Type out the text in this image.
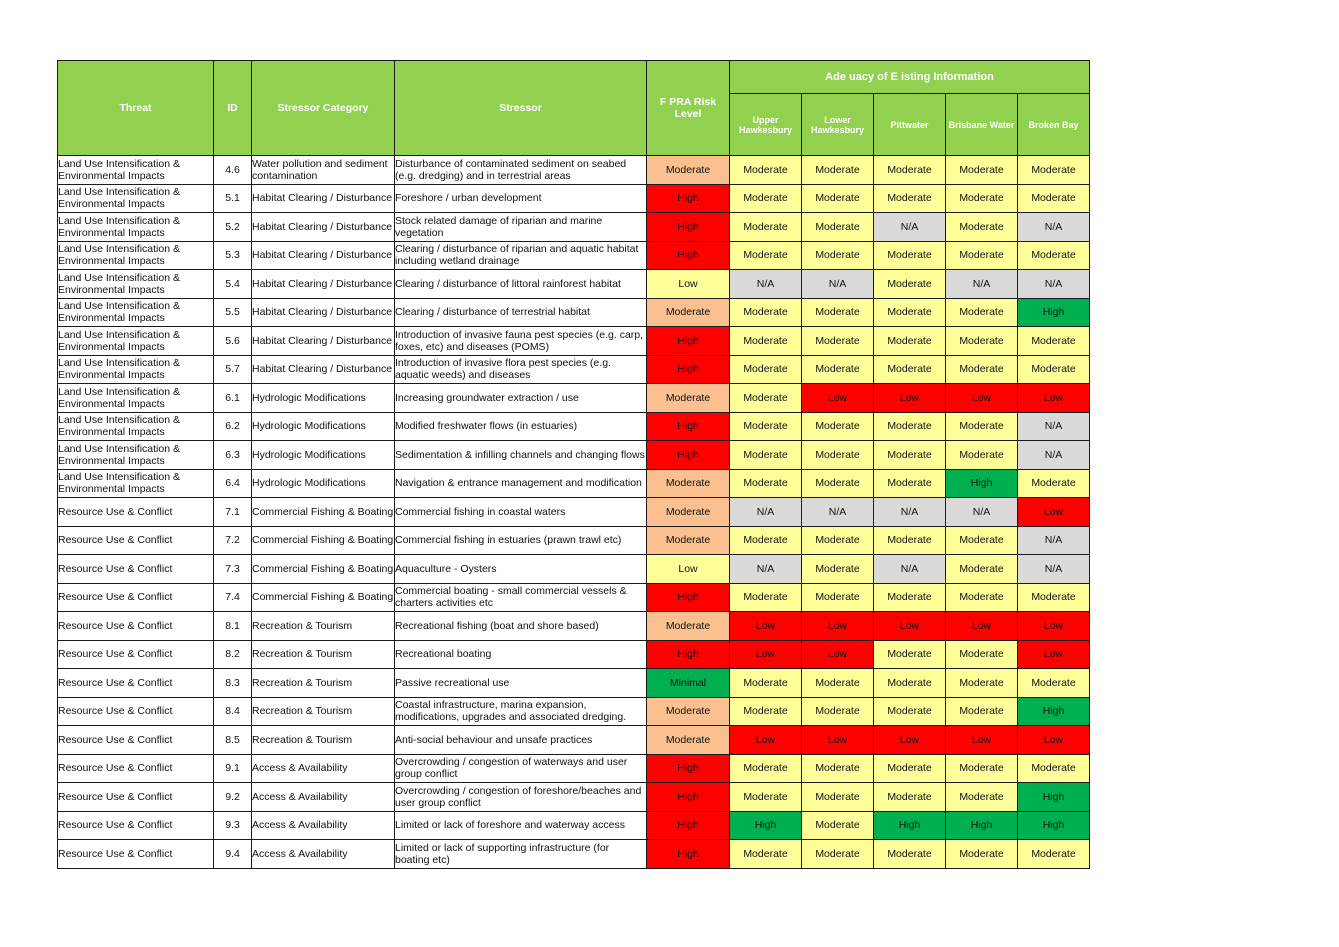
Threat	ID	Stressor Category	Stressor	F PRA Risk Level	Ade uacy of E isting Information				
					Upper Hawkesbury	Lower Hawkesbury	Pittwater	Brisbane Water	Broken Bay
Land Use Intensification & Environmental Impacts	4.6	Water pollution and sediment contamination	Disturbance of contaminated sediment on seabed (e.g. dredging) and in terrestrial areas	Moderate	Moderate	Moderate	Moderate	Moderate	Moderate
Land Use Intensification & Environmental Impacts	5.1	Habitat Clearing / Disturbance	Foreshore / urban development	High	Moderate	Moderate	Moderate	Moderate	Moderate
Land Use Intensification & Environmental Impacts	5.2	Habitat Clearing / Disturbance	Stock related damage of riparian and marine vegetation	High	Moderate	Moderate	N/A	Moderate	N/A
Land Use Intensification & Environmental Impacts	5.3	Habitat Clearing / Disturbance	Clearing / disturbance of riparian and aquatic habitat including wetland drainage	High	Moderate	Moderate	Moderate	Moderate	Moderate
Land Use Intensification & Environmental Impacts	5.4	Habitat Clearing / Disturbance	Clearing / disturbance of littoral rainforest habitat	Low	N/A	N/A	Moderate	N/A	N/A
Land Use Intensification & Environmental Impacts	5.5	Habitat Clearing / Disturbance	Clearing / disturbance of terrestrial habitat	Moderate	Moderate	Moderate	Moderate	Moderate	High
Land Use Intensification & Environmental Impacts	5.6	Habitat Clearing / Disturbance	Introduction of invasive fauna pest species (e.g. carp, foxes, etc) and diseases (POMS)	High	Moderate	Moderate	Moderate	Moderate	Moderate
Land Use Intensification & Environmental Impacts	5.7	Habitat Clearing / Disturbance	Introduction of invasive flora pest species (e.g. aquatic weeds) and diseases	High	Moderate	Moderate	Moderate	Moderate	Moderate
Land Use Intensification & Environmental Impacts	6.1	Hydrologic Modifications	Increasing groundwater extraction / use	Moderate	Moderate	Low	Low	Low	Low
Land Use Intensification & Environmental Impacts	6.2	Hydrologic Modifications	Modified freshwater flows (in estuaries)	High	Moderate	Moderate	Moderate	Moderate	N/A
Land Use Intensification & Environmental Impacts	6.3	Hydrologic Modifications	Sedimentation & infilling channels and changing flows	High	Moderate	Moderate	Moderate	Moderate	N/A
Land Use Intensification & Environmental Impacts	6.4	Hydrologic Modifications	Navigation & entrance management and modification	Moderate	Moderate	Moderate	Moderate	High	Moderate
Resource Use & Conflict	7.1	Commercial Fishing & Boating	Commercial fishing in coastal waters	Moderate	N/A	N/A	N/A	N/A	Low
Resource Use & Conflict	7.2	Commercial Fishing & Boating	Commercial fishing in estuaries (prawn trawl etc)	Moderate	Moderate	Moderate	Moderate	Moderate	N/A
Resource Use & Conflict	7.3	Commercial Fishing & Boating	Aquaculture - Oysters	Low	N/A	Moderate	N/A	Moderate	N/A
Resource Use & Conflict	7.4	Commercial Fishing & Boating	Commercial boating - small commercial vessels & charters activities etc	High	Moderate	Moderate	Moderate	Moderate	Moderate
Resource Use & Conflict	8.1	Recreation & Tourism	Recreational fishing (boat and shore based)	Moderate	Low	Low	Low	Low	Low
Resource Use & Conflict	8.2	Recreation & Tourism	Recreational boating	High	Low	Low	Moderate	Moderate	Low
Resource Use & Conflict	8.3	Recreation & Tourism	Passive recreational use	Minimal	Moderate	Moderate	Moderate	Moderate	Moderate
Resource Use & Conflict	8.4	Recreation & Tourism	Coastal infrastructure, marina expansion, modifications, upgrades and associated dredging.	Moderate	Moderate	Moderate	Moderate	Moderate	High
Resource Use & Conflict	8.5	Recreation & Tourism	Anti-social behaviour and unsafe practices	Moderate	Low	Low	Low	Low	Low
Resource Use & Conflict	9.1	Access & Availability	Overcrowding / congestion of waterways and user group conflict	High	Moderate	Moderate	Moderate	Moderate	Moderate
Resource Use & Conflict	9.2	Access & Availability	Overcrowding / congestion of foreshore/beaches and user group conflict	High	Moderate	Moderate	Moderate	Moderate	High
Resource Use & Conflict	9.3	Access & Availability	Limited or lack of foreshore and waterway access	High	High	Moderate	High	High	High
Resource Use & Conflict	9.4	Access & Availability	Limited or lack of supporting infrastructure (for boating etc)	High	Moderate	Moderate	Moderate	Moderate	Moderate
